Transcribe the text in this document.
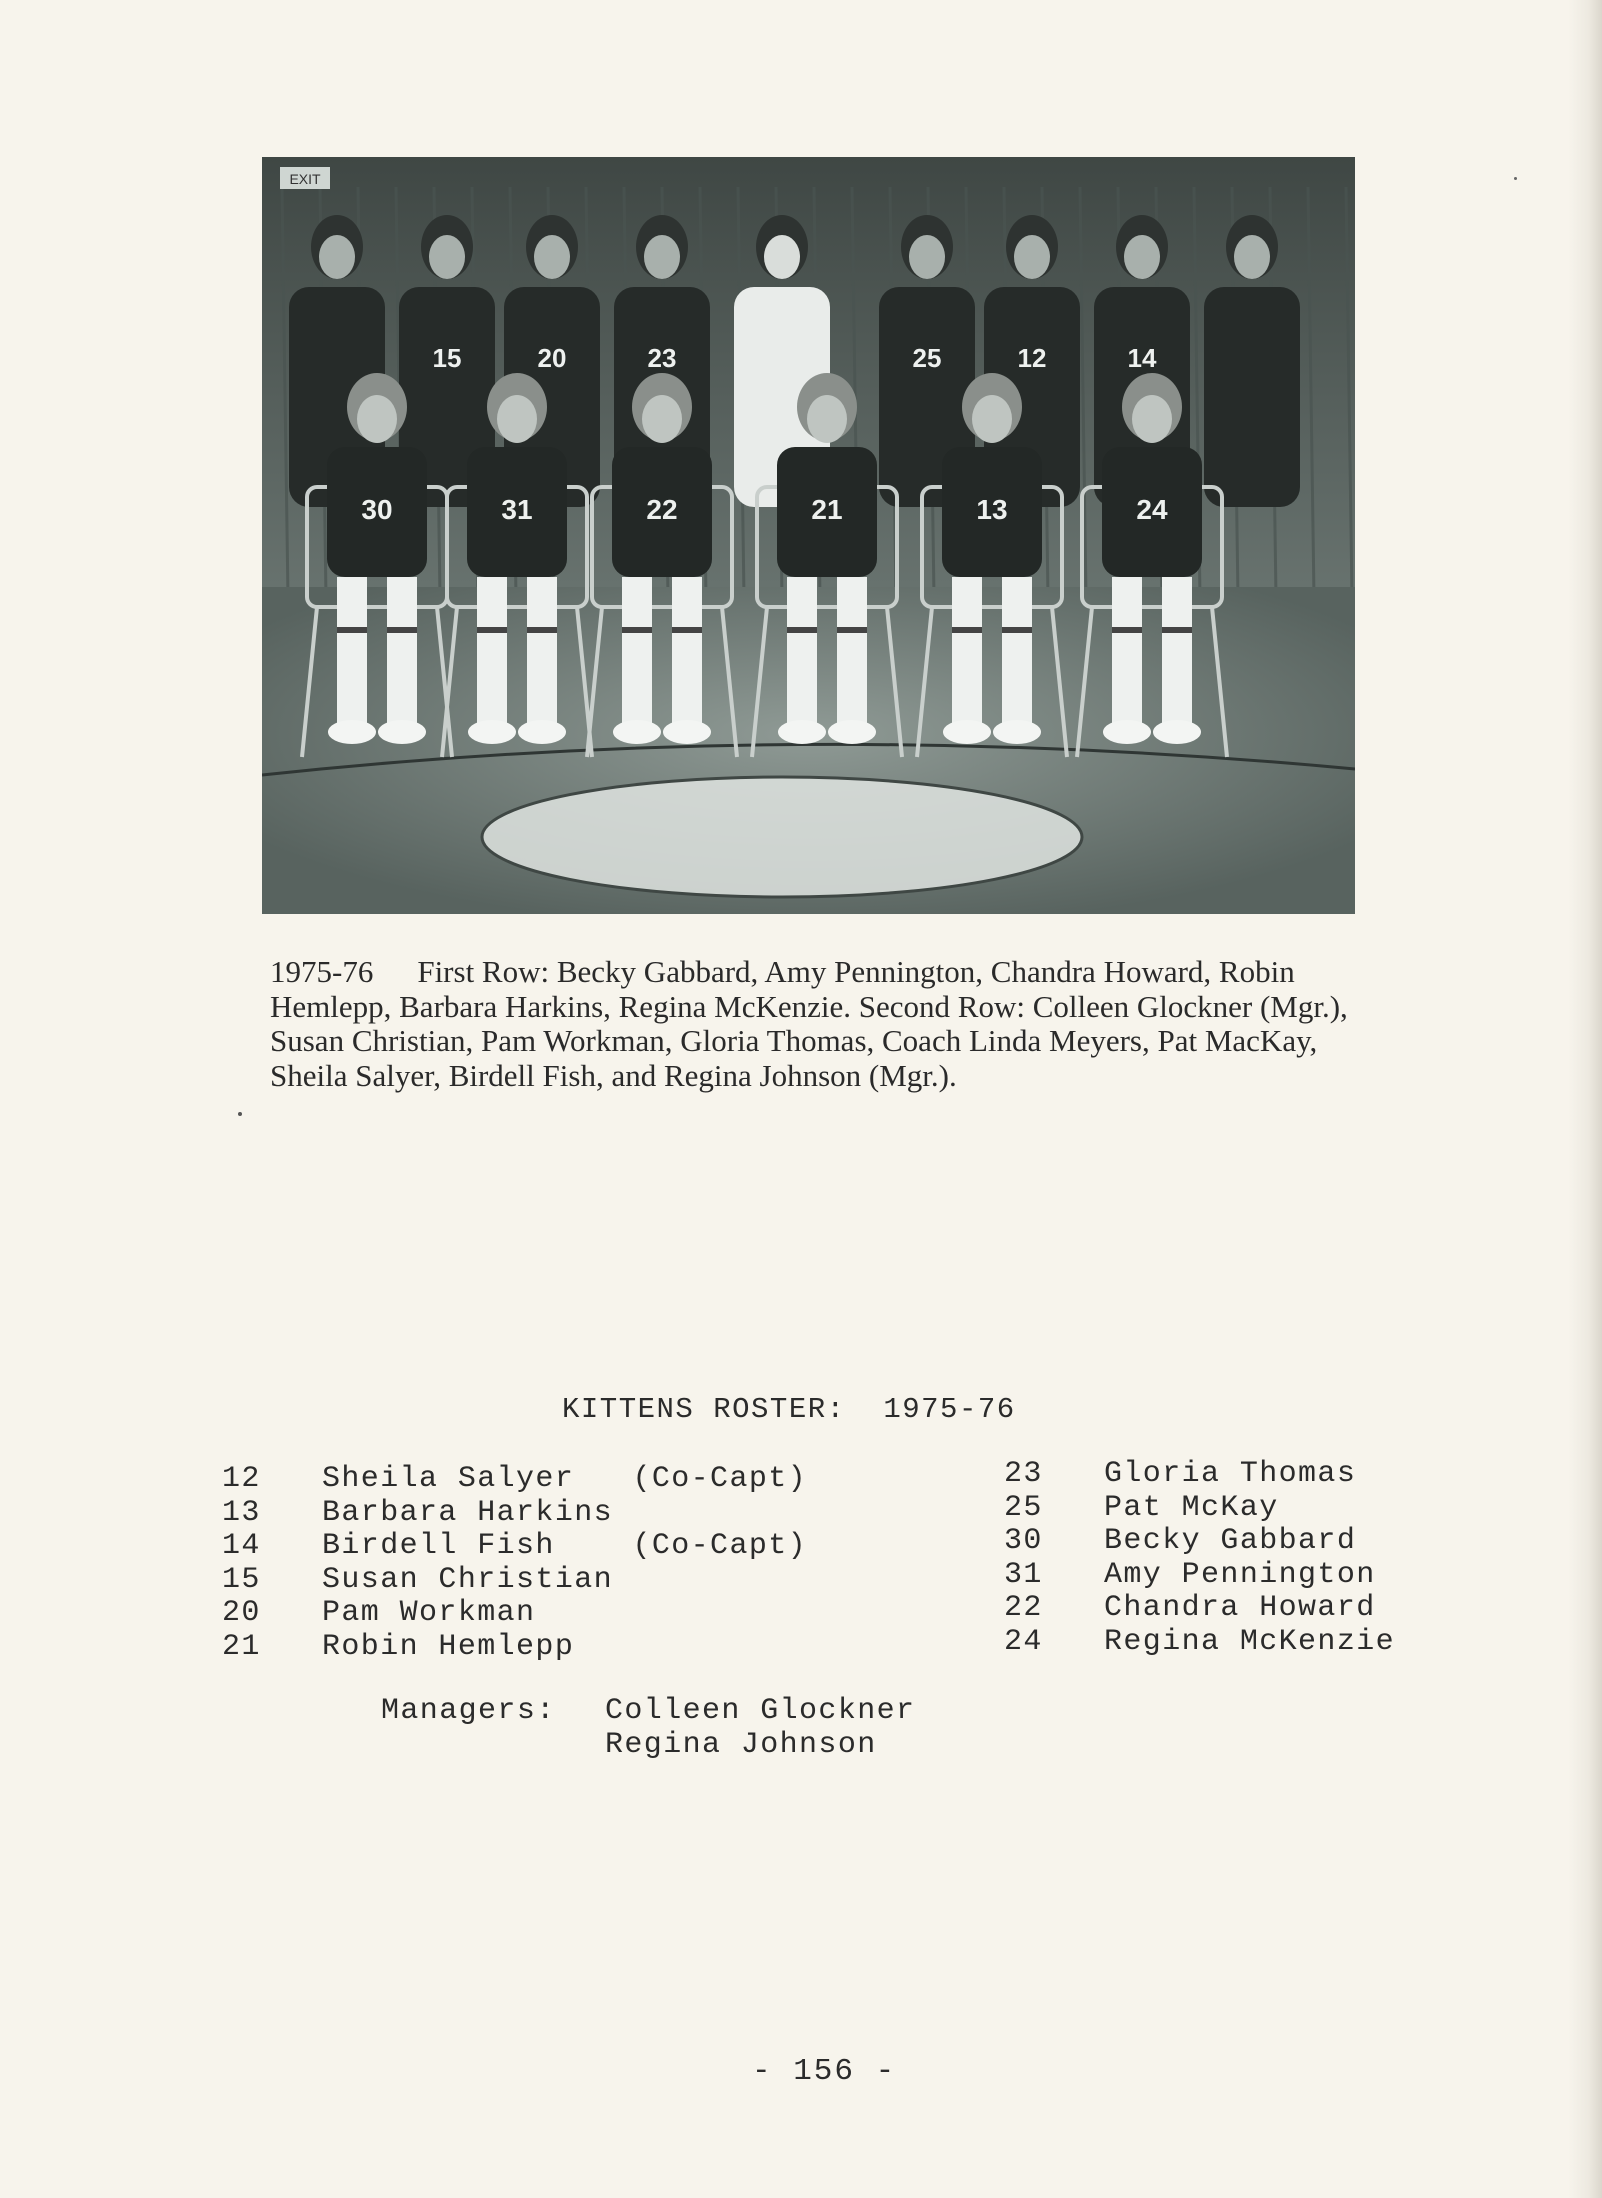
EXIT
15	20	23	25	12	14
30	31	22	21	13	24
1975-76 First Row: Becky Gabbard, Amy Pennington, Chandra Howard, Robin Hemlepp, Barbara Harkins, Regina McKenzie. Second Row: Colleen Glockner (Mgr.), Susan Christian, Pam Workman, Gloria Thomas, Coach Linda Meyers, Pat MacKay, Sheila Salyer, Birdell Fish, and Regina Johnson (Mgr.).
KITTENS ROSTER:  1975-76
12	Sheila Salyer   (Co-Capt)
13	Barbara Harkins
14	Birdell Fish    (Co-Capt)
15	Susan Christian
20	Pam Workman
21	Robin Hemlepp
23	Gloria Thomas
25	Pat McKay
30	Becky Gabbard
31	Amy Pennington
22	Chandra Howard
24	Regina McKenzie
Managers:	Colleen Glockner
Regina Johnson
- 156 -
